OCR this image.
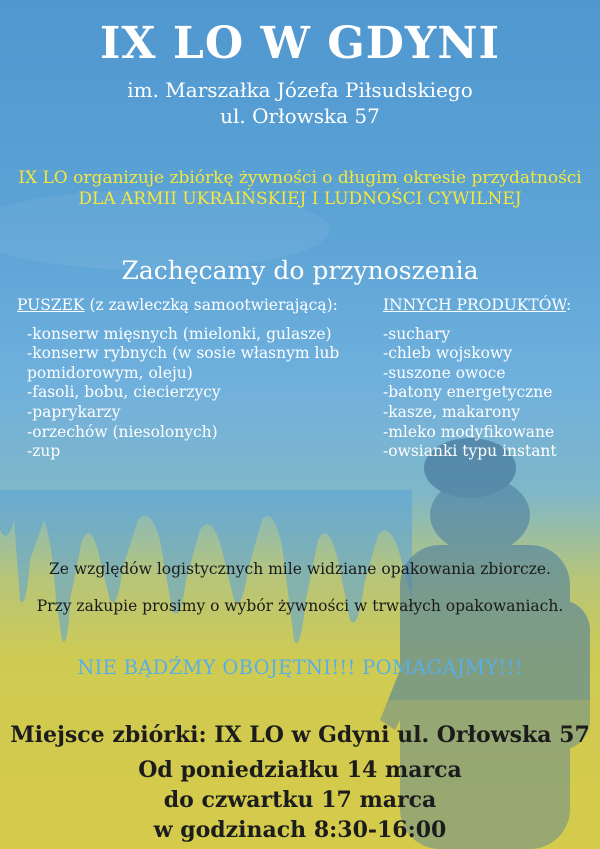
IX LO W GDYNI
im. Marszałka Józefa Piłsudskiego
ul. Orłowska 57
IX LO organizuje zbiórkę żywności o długim okresie przydatności
DLA ARMII UKRAIŃSKIEJ I LUDNOŚCI CYWILNEJ
Zachęcamy do przynoszenia
PUSZEK (z zawleczką samootwierającą):
-konserw mięsnych (mielonki, gulasze)
-konserw rybnych (w sosie własnym lub
pomidorowym, oleju)
-fasoli, bobu, ciecierzycy
-paprykarzy
-orzechów (niesolonych)
-zup
INNYCH PRODUKTÓW:
-suchary
-chleb wojskowy
-suszone owoce
-batony energetyczne
-kasze, makarony
-mleko modyfikowane
-owsianki typu instant
Ze względów logistycznych mile widziane opakowania zbiorcze.
Przy zakupie prosimy o wybór żywności w trwałych opakowaniach.
NIE BĄDŹMY OBOJĘTNI!!! POMAGAJMY!!!
Miejsce zbiórki: IX LO w Gdyni ul. Orłowska 57
Od poniedziałku 14 marca
do czwartku 17 marca
w godzinach 8:30-16:00
